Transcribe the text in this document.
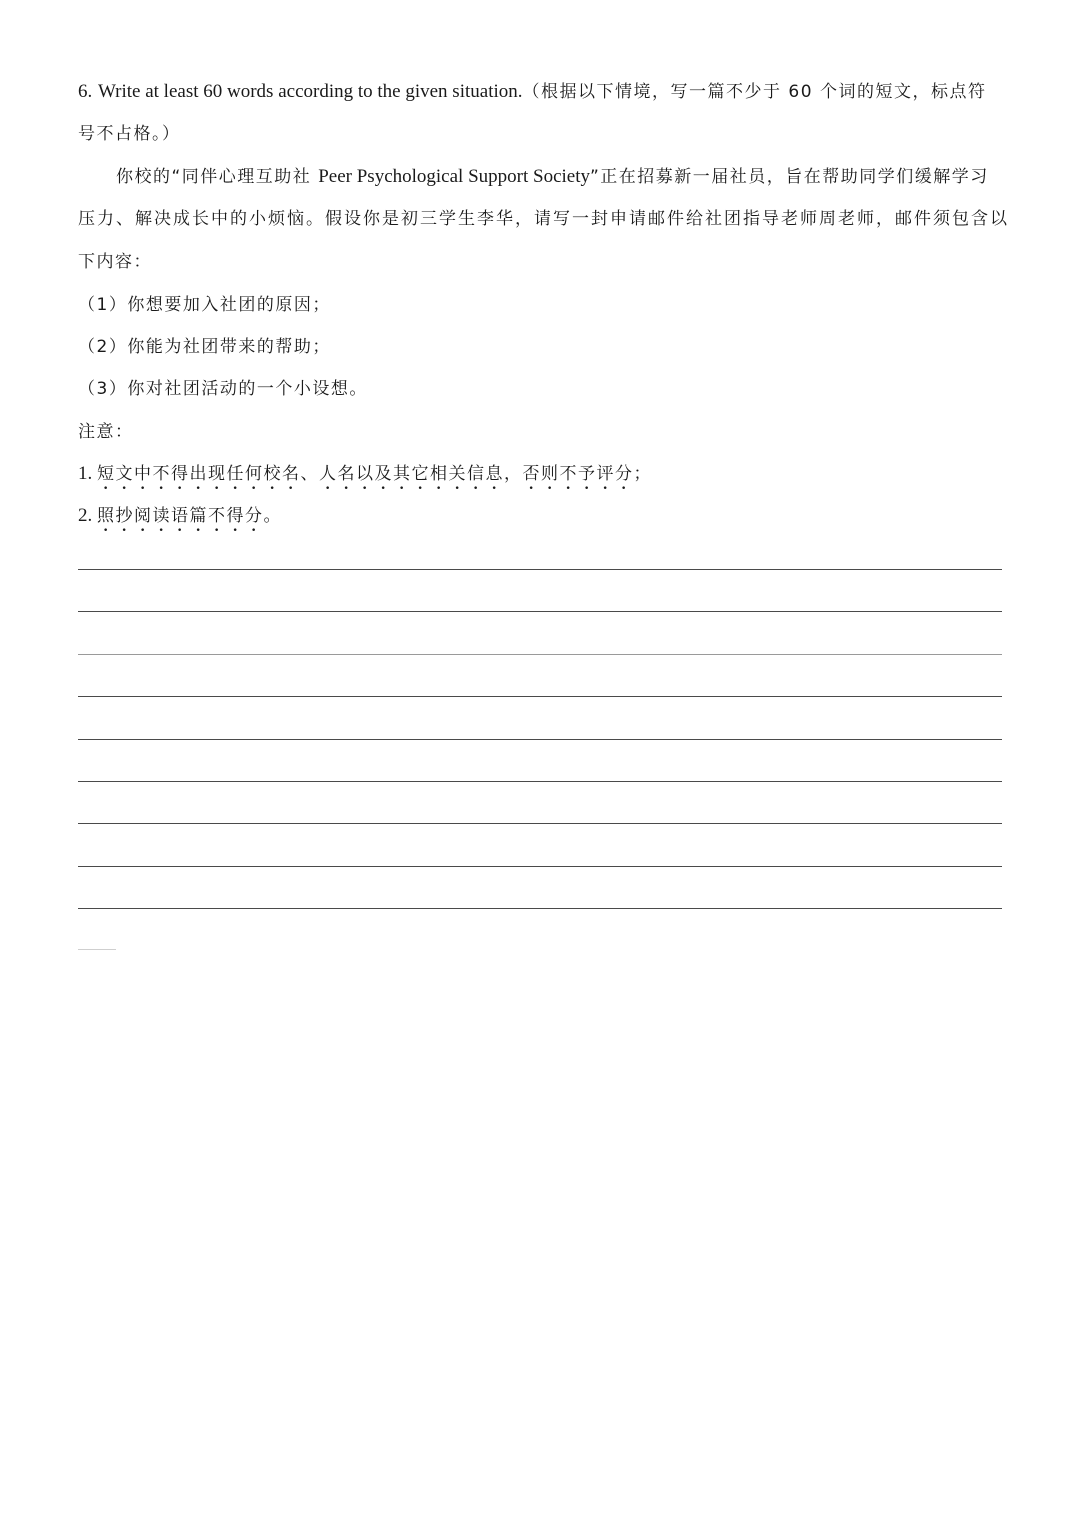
6. Write at least 60 words according to the given situation.（根据以下情境，写一篇不少于 60 个词的短文，标点符
号不占格。）
你校的“同伴心理互助社 Peer Psychological Support Society”正在招募新一届社员，旨在帮助同学们缓解学习
压力、解决成长中的小烦恼。假设你是初三学生李华，请写一封申请邮件给社团指导老师周老师，邮件须包含以
下内容：
（1）你想要加入社团的原因；
（2）你能为社团带来的帮助；
（3）你对社团活动的一个小设想。
注意：
1. 短文中不得出现任何校名、人名以及其它相关信息，否则不予评分；
2. 照抄阅读语篇不得分。
